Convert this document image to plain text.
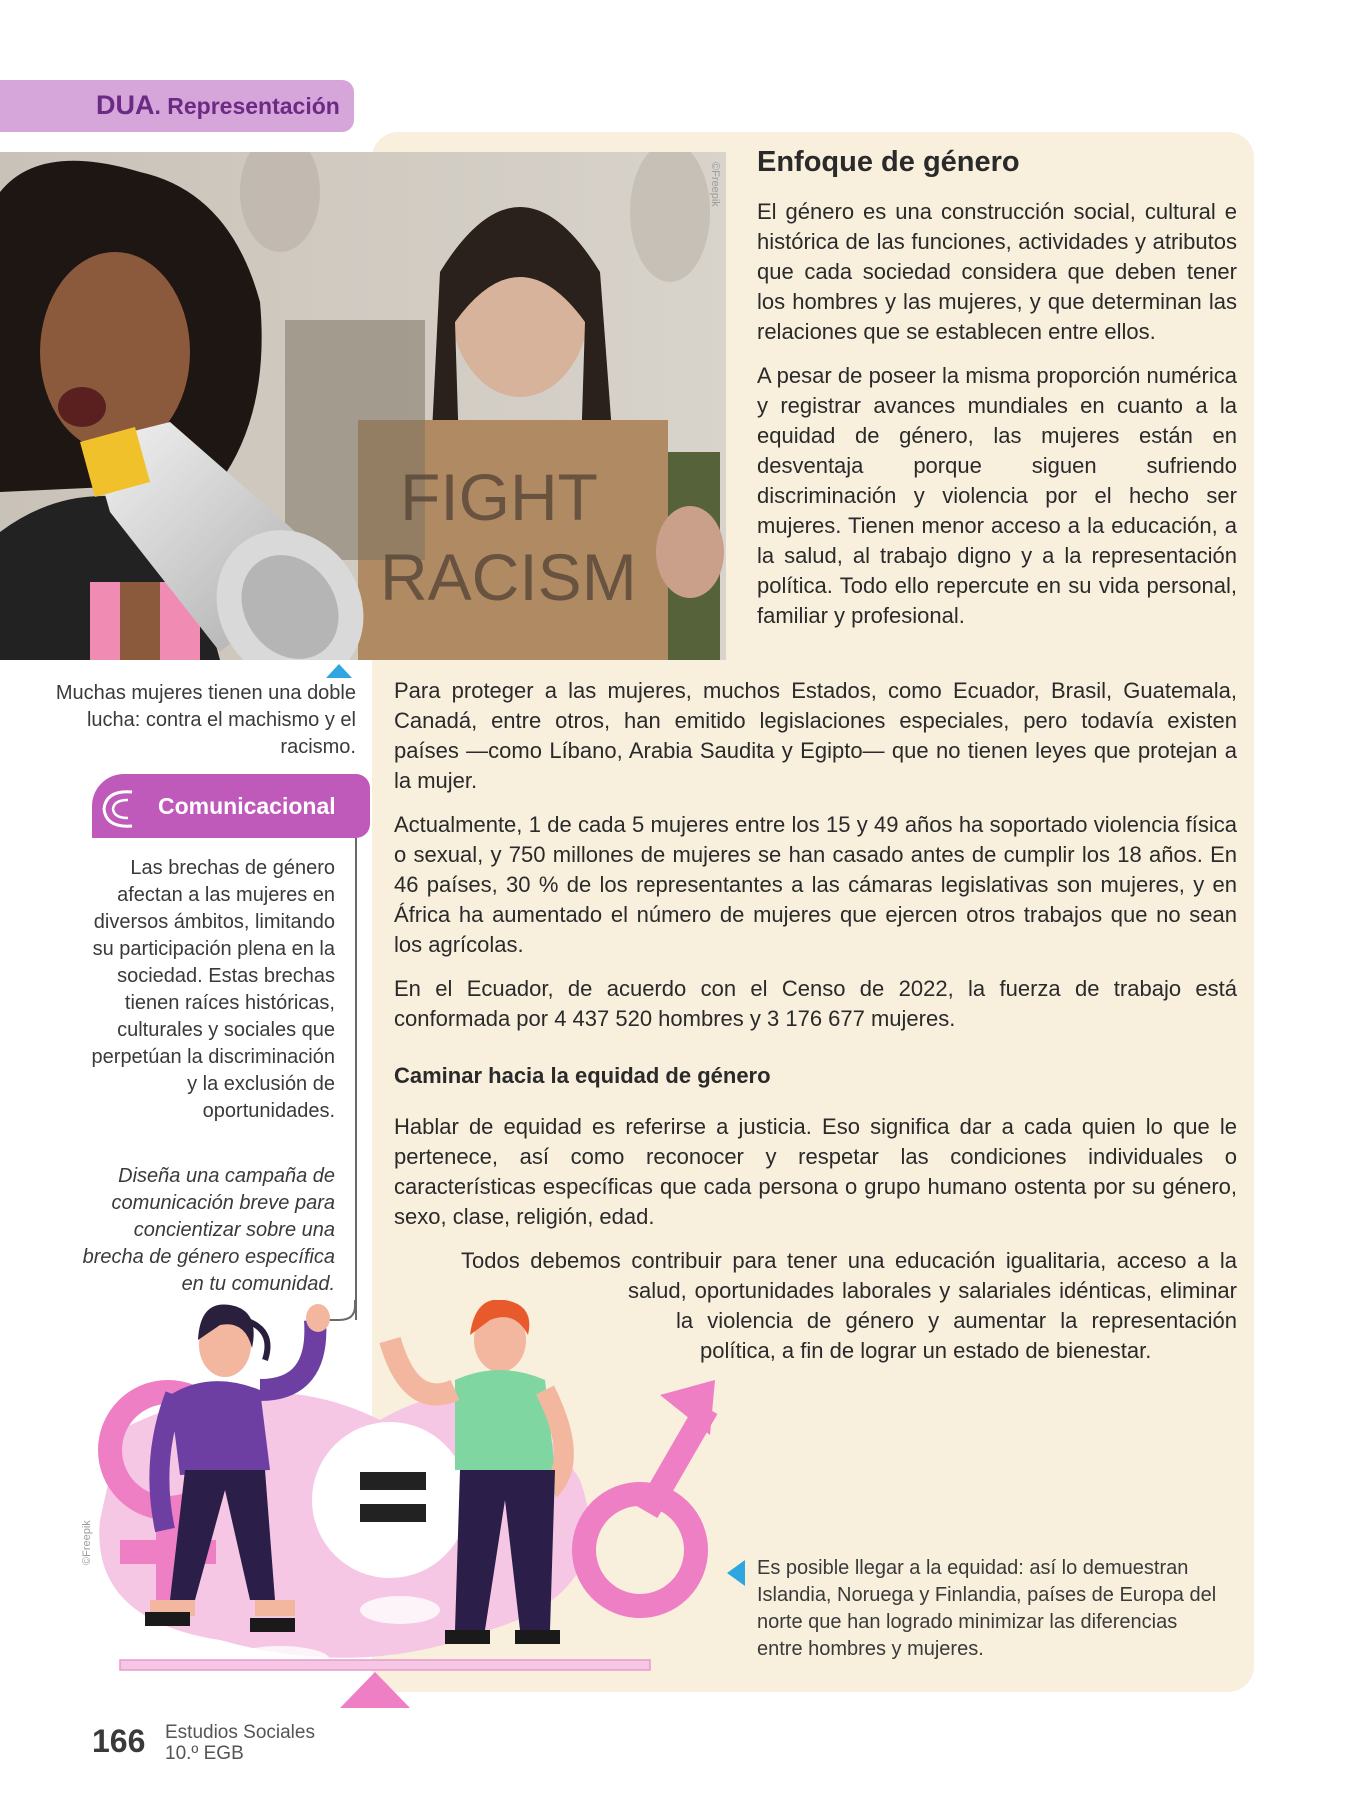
DUA. Representación
FIGHT
RACISM
©Freepik Enfoque de género

El género es una construcción social, cultural e histórica de las funciones, actividades y atributos que cada sociedad considera que deben tener los hombres y las mujeres, y que determinan las relaciones que se establecen entre ellos.

A pesar de poseer la misma proporción numérica y registrar avances mundiales en cuanto a la equidad de género, las mujeres están en desventaja porque siguen sufriendo discriminación y violencia por el hecho ser mujeres. Tienen menor acceso a la educación, a la salud, al trabajo digno y a la representación política. Todo ello repercute en su vida personal, familiar y profesional.

Muchas mujeres tienen una doble lucha: contra el machismo y el racismo.

Para proteger a las mujeres, muchos Estados, como Ecuador, Brasil, Guatemala, Canadá, entre otros, han emitido legislaciones especiales, pero todavía existen países —como Líbano, Arabia Saudita y Egipto— que no tienen leyes que protejan a la mujer.

Actualmente, 1 de cada 5 mujeres entre los 15 y 49 años ha soportado violencia física o sexual, y 750 millones de mujeres se han casado antes de cumplir los 18 años. En 46 países, 30 % de los representantes a las cámaras legislativas son mujeres, y en África ha aumentado el número de mujeres que ejercen otros trabajos que no sean los agrícolas.

En el Ecuador, de acuerdo con el Censo de 2022, la fuerza de trabajo está conformada por 4 437 520 hombres y 3 176 677 mujeres.

Caminar hacia la equidad de género

Hablar de equidad es referirse a justicia. Eso significa dar a cada quien lo que le pertenece, así como reconocer y respetar las condiciones individuales o características específicas que cada persona o grupo humano ostenta por su género, sexo, clase, religión, edad.

Todos debemos contribuir para tener una educación igualitaria, acceso a la
salud, oportunidades laborales y salariales idénticas, eliminar
la violencia de género y aumentar la representación
política, a fin de lograr un estado de bienestar.
Comunicacional
Las brechas de género afectan a las mujeres en diversos ámbitos, limitando su participación plena en la sociedad. Estas brechas tienen raíces históricas, culturales y sociales que perpetúan la discriminación y la exclusión de oportunidades.
Diseña una campaña de comunicación breve para concientizar sobre una brecha de género específica en tu comunidad.
©Freepik
Es posible llegar a la equidad: así lo demuestran Islandia, Noruega y Finlandia, países de Europa del norte que han logrado minimizar las diferencias entre hombres y mujeres.
166 Estudios Sociales
10.º EGB
